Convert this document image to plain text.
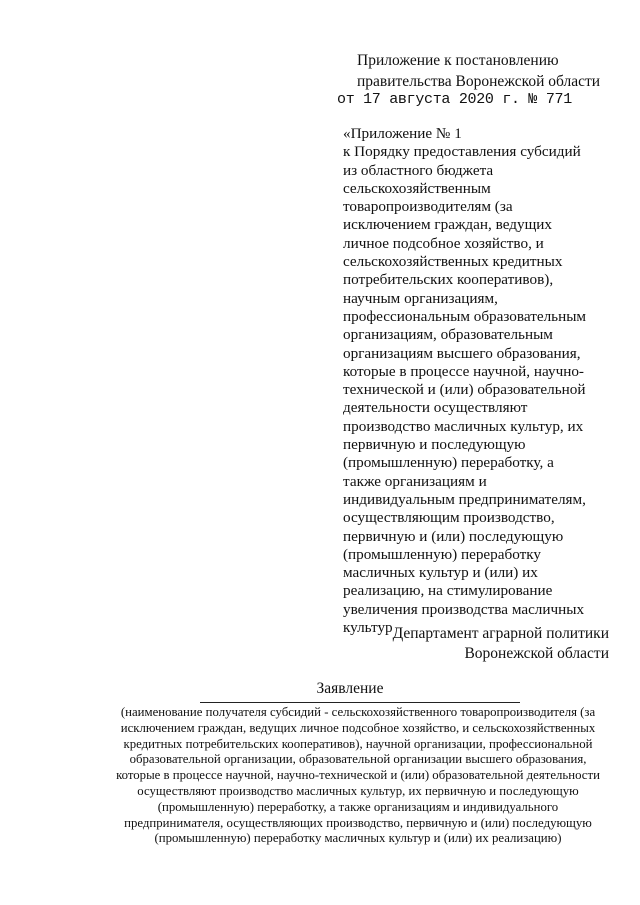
Приложение к постановлению
правительства Воронежской области
от 17 августа 2020 г. № 771
«Приложение № 1
к Порядку предоставления субсидий
из областного бюджета
сельскохозяйственным
товаропроизводителям (за
исключением граждан, ведущих
личное подсобное хозяйство, и
сельскохозяйственных кредитных
потребительских кооперативов),
научным организациям,
профессиональным образовательным
организациям, образовательным
организациям высшего образования,
которые в процессе научной, научно-
технической и (или) образовательной
деятельности осуществляют
производство масличных культур, их
первичную и последующую
(промышленную) переработку, а
также организациям и
индивидуальным предпринимателям,
осуществляющим производство,
первичную и (или) последующую
(промышленную) переработку
масличных культур и (или) их
реализацию, на стимулирование
увеличения производства масличных
культур Департамент аграрной политики
Воронежской области
Заявление
(наименование получателя субсидий - сельскохозяйственного товаропроизводителя (за
исключением граждан, ведущих личное подсобное хозяйство, и сельскохозяйственных
кредитных потребительских кооперативов), научной организации, профессиональной
образовательной организации, образовательной организации высшего образования,
которые в процессе научной, научно-технической и (или) образовательной деятельности
осуществляют производство масличных культур, их первичную и последующую
(промышленную) переработку, а также организациям и индивидуального
предпринимателя, осуществляющих производство, первичную и (или) последующую
(промышленную) переработку масличных культур и (или) их реализацию)
